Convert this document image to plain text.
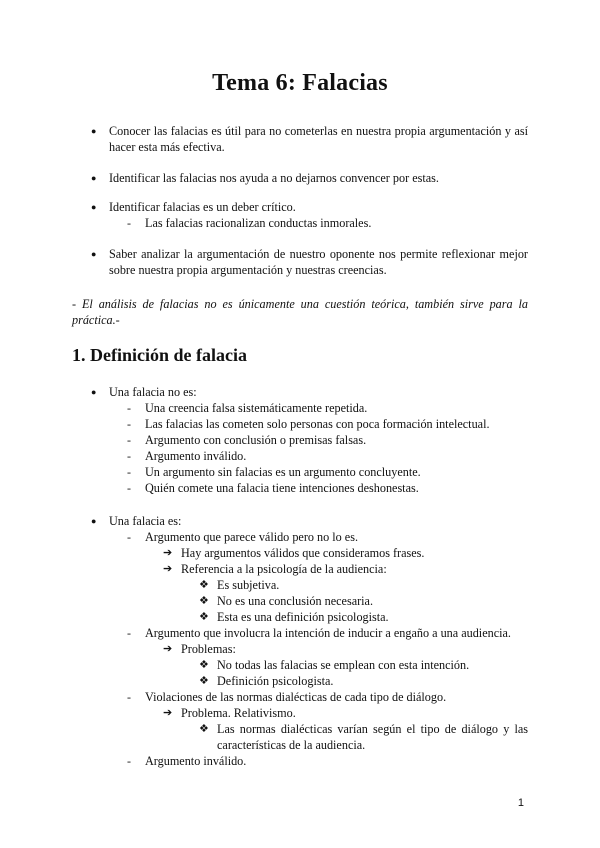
Tema 6: Falacias
● Conocer las falacias es útil para no cometerlas en nuestra propia argumentación y así hacer esta más efectiva.
● Identificar las falacias nos ayuda a no dejarnos convencer por estas.
● Identificar falacias es un deber crítico.
- Las falacias racionalizan conductas inmorales.
● Saber analizar la argumentación de nuestro oponente nos permite reflexionar mejor sobre nuestra propia argumentación y nuestras creencias.
- El análisis de falacias no es únicamente una cuestión teórica, también sirve para la práctica.-
1. Definición de falacia
● Una falacia no es:
- Una creencia falsa sistemáticamente repetida.
- Las falacias las cometen solo personas con poca formación intelectual.
- Argumento con conclusión o premisas falsas.
- Argumento inválido.
- Un argumento sin falacias es un argumento concluyente.
- Quién comete una falacia tiene intenciones deshonestas.
● Una falacia es:
- Argumento que parece válido pero no lo es.
➔ Hay argumentos válidos que consideramos frases.
➔ Referencia a la psicología de la audiencia:
❖ Es subjetiva.
❖ No es una conclusión necesaria.
❖ Esta es una definición psicologista.
- Argumento que involucra la intención de inducir a engaño a una audiencia.
➔ Problemas:
❖ No todas las falacias se emplean con esta intención.
❖ Definición psicologista.
- Violaciones de las normas dialécticas de cada tipo de diálogo.
➔ Problema. Relativismo.
❖ Las normas dialécticas varían según el tipo de diálogo y las características de la audiencia.
- Argumento inválido.
1
